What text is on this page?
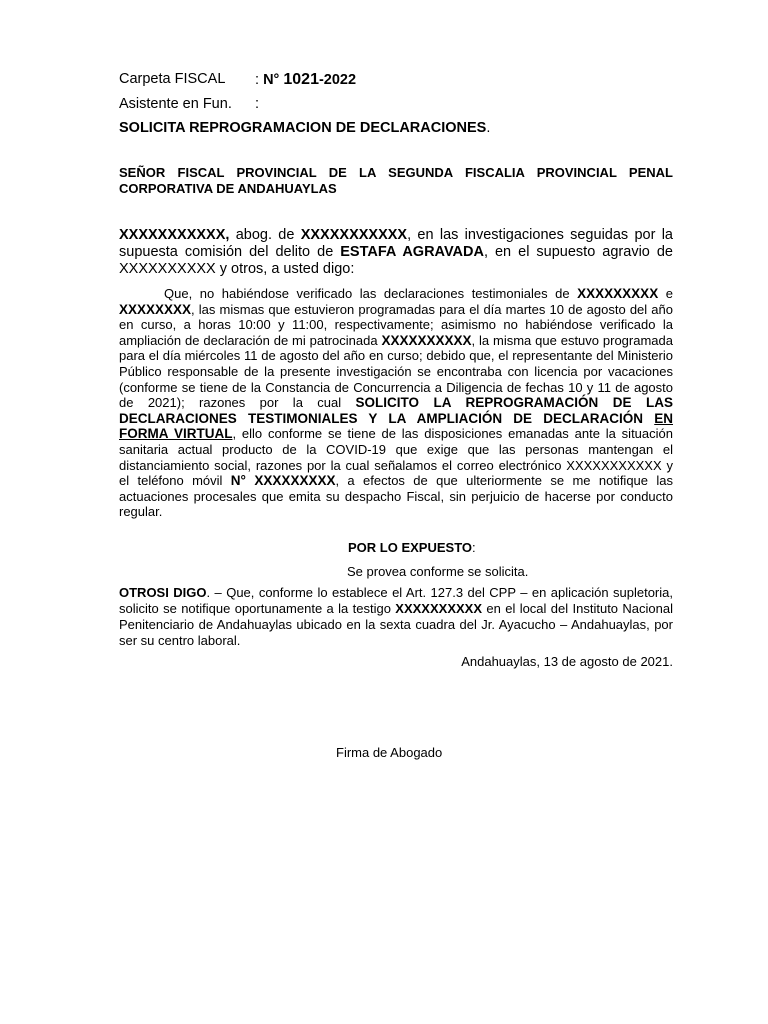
Carpeta FISCAL : N° 1021-2022
Asistente en Fun. :
SOLICITA REPROGRAMACION DE DECLARACIONES.
SEÑOR FISCAL PROVINCIAL DE LA SEGUNDA FISCALIA PROVINCIAL PENAL CORPORATIVA DE ANDAHUAYLAS
XXXXXXXXXXX, abog. de XXXXXXXXXXX, en las investigaciones seguidas por la supuesta comisión del delito de ESTAFA AGRAVADA, en el supuesto agravio de XXXXXXXXXX y otros, a usted digo:
Que, no habiéndose verificado las declaraciones testimoniales de XXXXXXXXX e XXXXXXXX, las mismas que estuvieron programadas para el día martes 10 de agosto del año en curso, a horas 10:00 y 11:00, respectivamente; asimismo no habiéndose verificado la ampliación de declaración de mi patrocinada XXXXXXXXXX, la misma que estuvo programada para el día miércoles 11 de agosto del año en curso; debido que, el representante del Ministerio Público responsable de la presente investigación se encontraba con licencia por vacaciones (conforme se tiene de la Constancia de Concurrencia a Diligencia de fechas 10 y 11 de agosto de 2021); razones por la cual SOLICITO LA REPROGRAMACIÓN DE LAS DECLARACIONES TESTIMONIALES Y LA AMPLIACIÓN DE DECLARACIÓN EN FORMA VIRTUAL, ello conforme se tiene de las disposiciones emanadas ante la situación sanitaria actual producto de la COVID-19 que exige que las personas mantengan el distanciamiento social, razones por la cual señalamos el correo electrónico XXXXXXXXXXX y el teléfono móvil N° XXXXXXXXX, a efectos de que ulteriormente se me notifique las actuaciones procesales que emita su despacho Fiscal, sin perjuicio de hacerse por conducto regular.
POR LO EXPUESTO:
Se provea conforme se solicita.
OTROSI DIGO. – Que, conforme lo establece el Art. 127.3 del CPP – en aplicación supletoria, solicito se notifique oportunamente a la testigo XXXXXXXXXX en el local del Instituto Nacional Penitenciario de Andahuaylas ubicado en la sexta cuadra del Jr. Ayacucho – Andahuaylas, por ser su centro laboral.
Andahuaylas, 13 de agosto de 2021.
Firma de Abogado
